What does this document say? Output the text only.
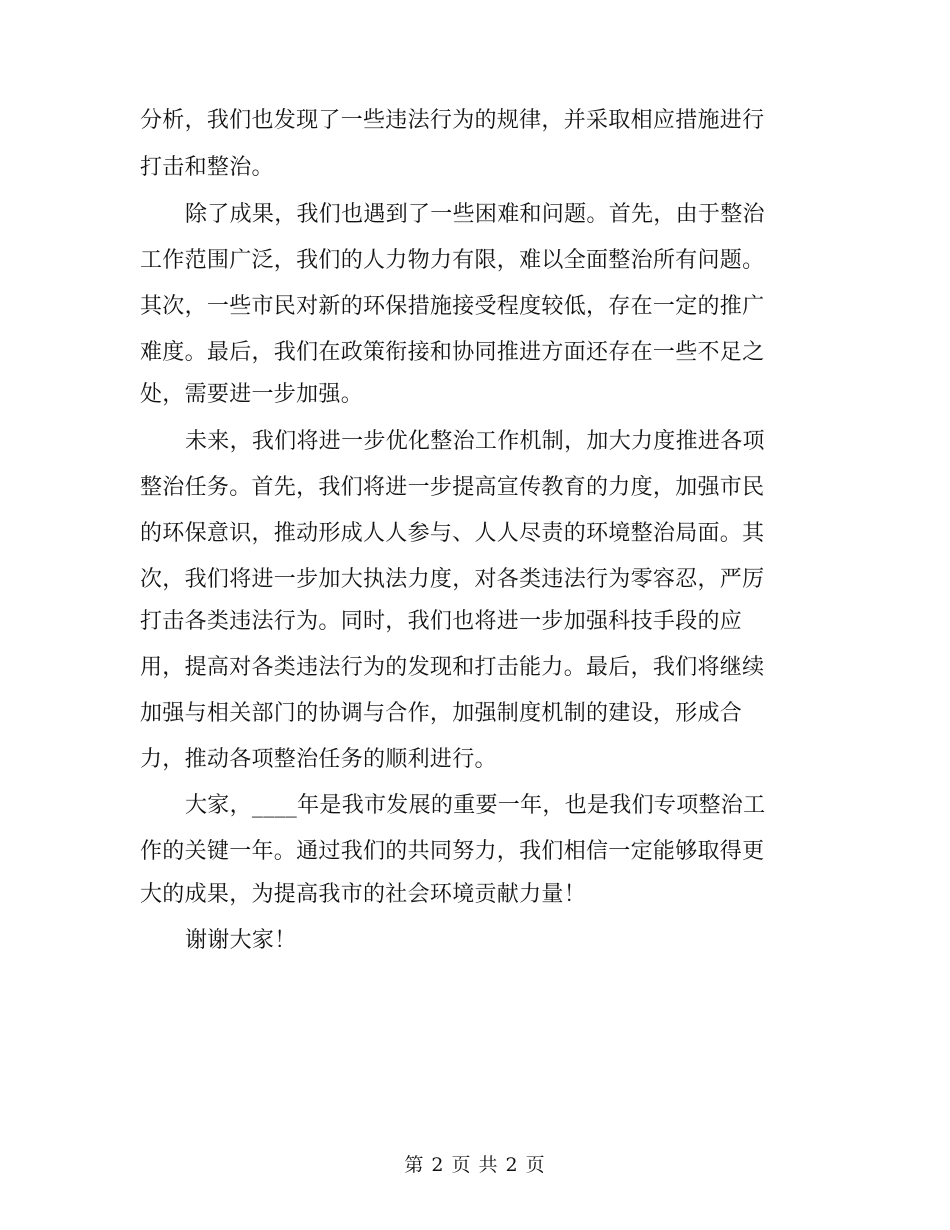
分析，我们也发现了一些违法行为的规律，并采取相应措施进行
打击和整治。
除了成果，我们也遇到了一些困难和问题。首先，由于整治
工作范围广泛，我们的人力物力有限，难以全面整治所有问题。
其次，一些市民对新的环保措施接受程度较低，存在一定的推广
难度。最后，我们在政策衔接和协同推进方面还存在一些不足之
处，需要进一步加强。
未来，我们将进一步优化整治工作机制，加大力度推进各项
整治任务。首先，我们将进一步提高宣传教育的力度，加强市民
的环保意识，推动形成人人参与、人人尽责的环境整治局面。其
次，我们将进一步加大执法力度，对各类违法行为零容忍，严厉
打击各类违法行为。同时，我们也将进一步加强科技手段的应
用，提高对各类违法行为的发现和打击能力。最后，我们将继续
加强与相关部门的协调与合作，加强制度机制的建设，形成合
力，推动各项整治任务的顺利进行。
大家，____年是我市发展的重要一年，也是我们专项整治工
作的关键一年。通过我们的共同努力，我们相信一定能够取得更
大的成果，为提高我市的社会环境贡献力量！
谢谢大家！
第 2 页 共 2 页
